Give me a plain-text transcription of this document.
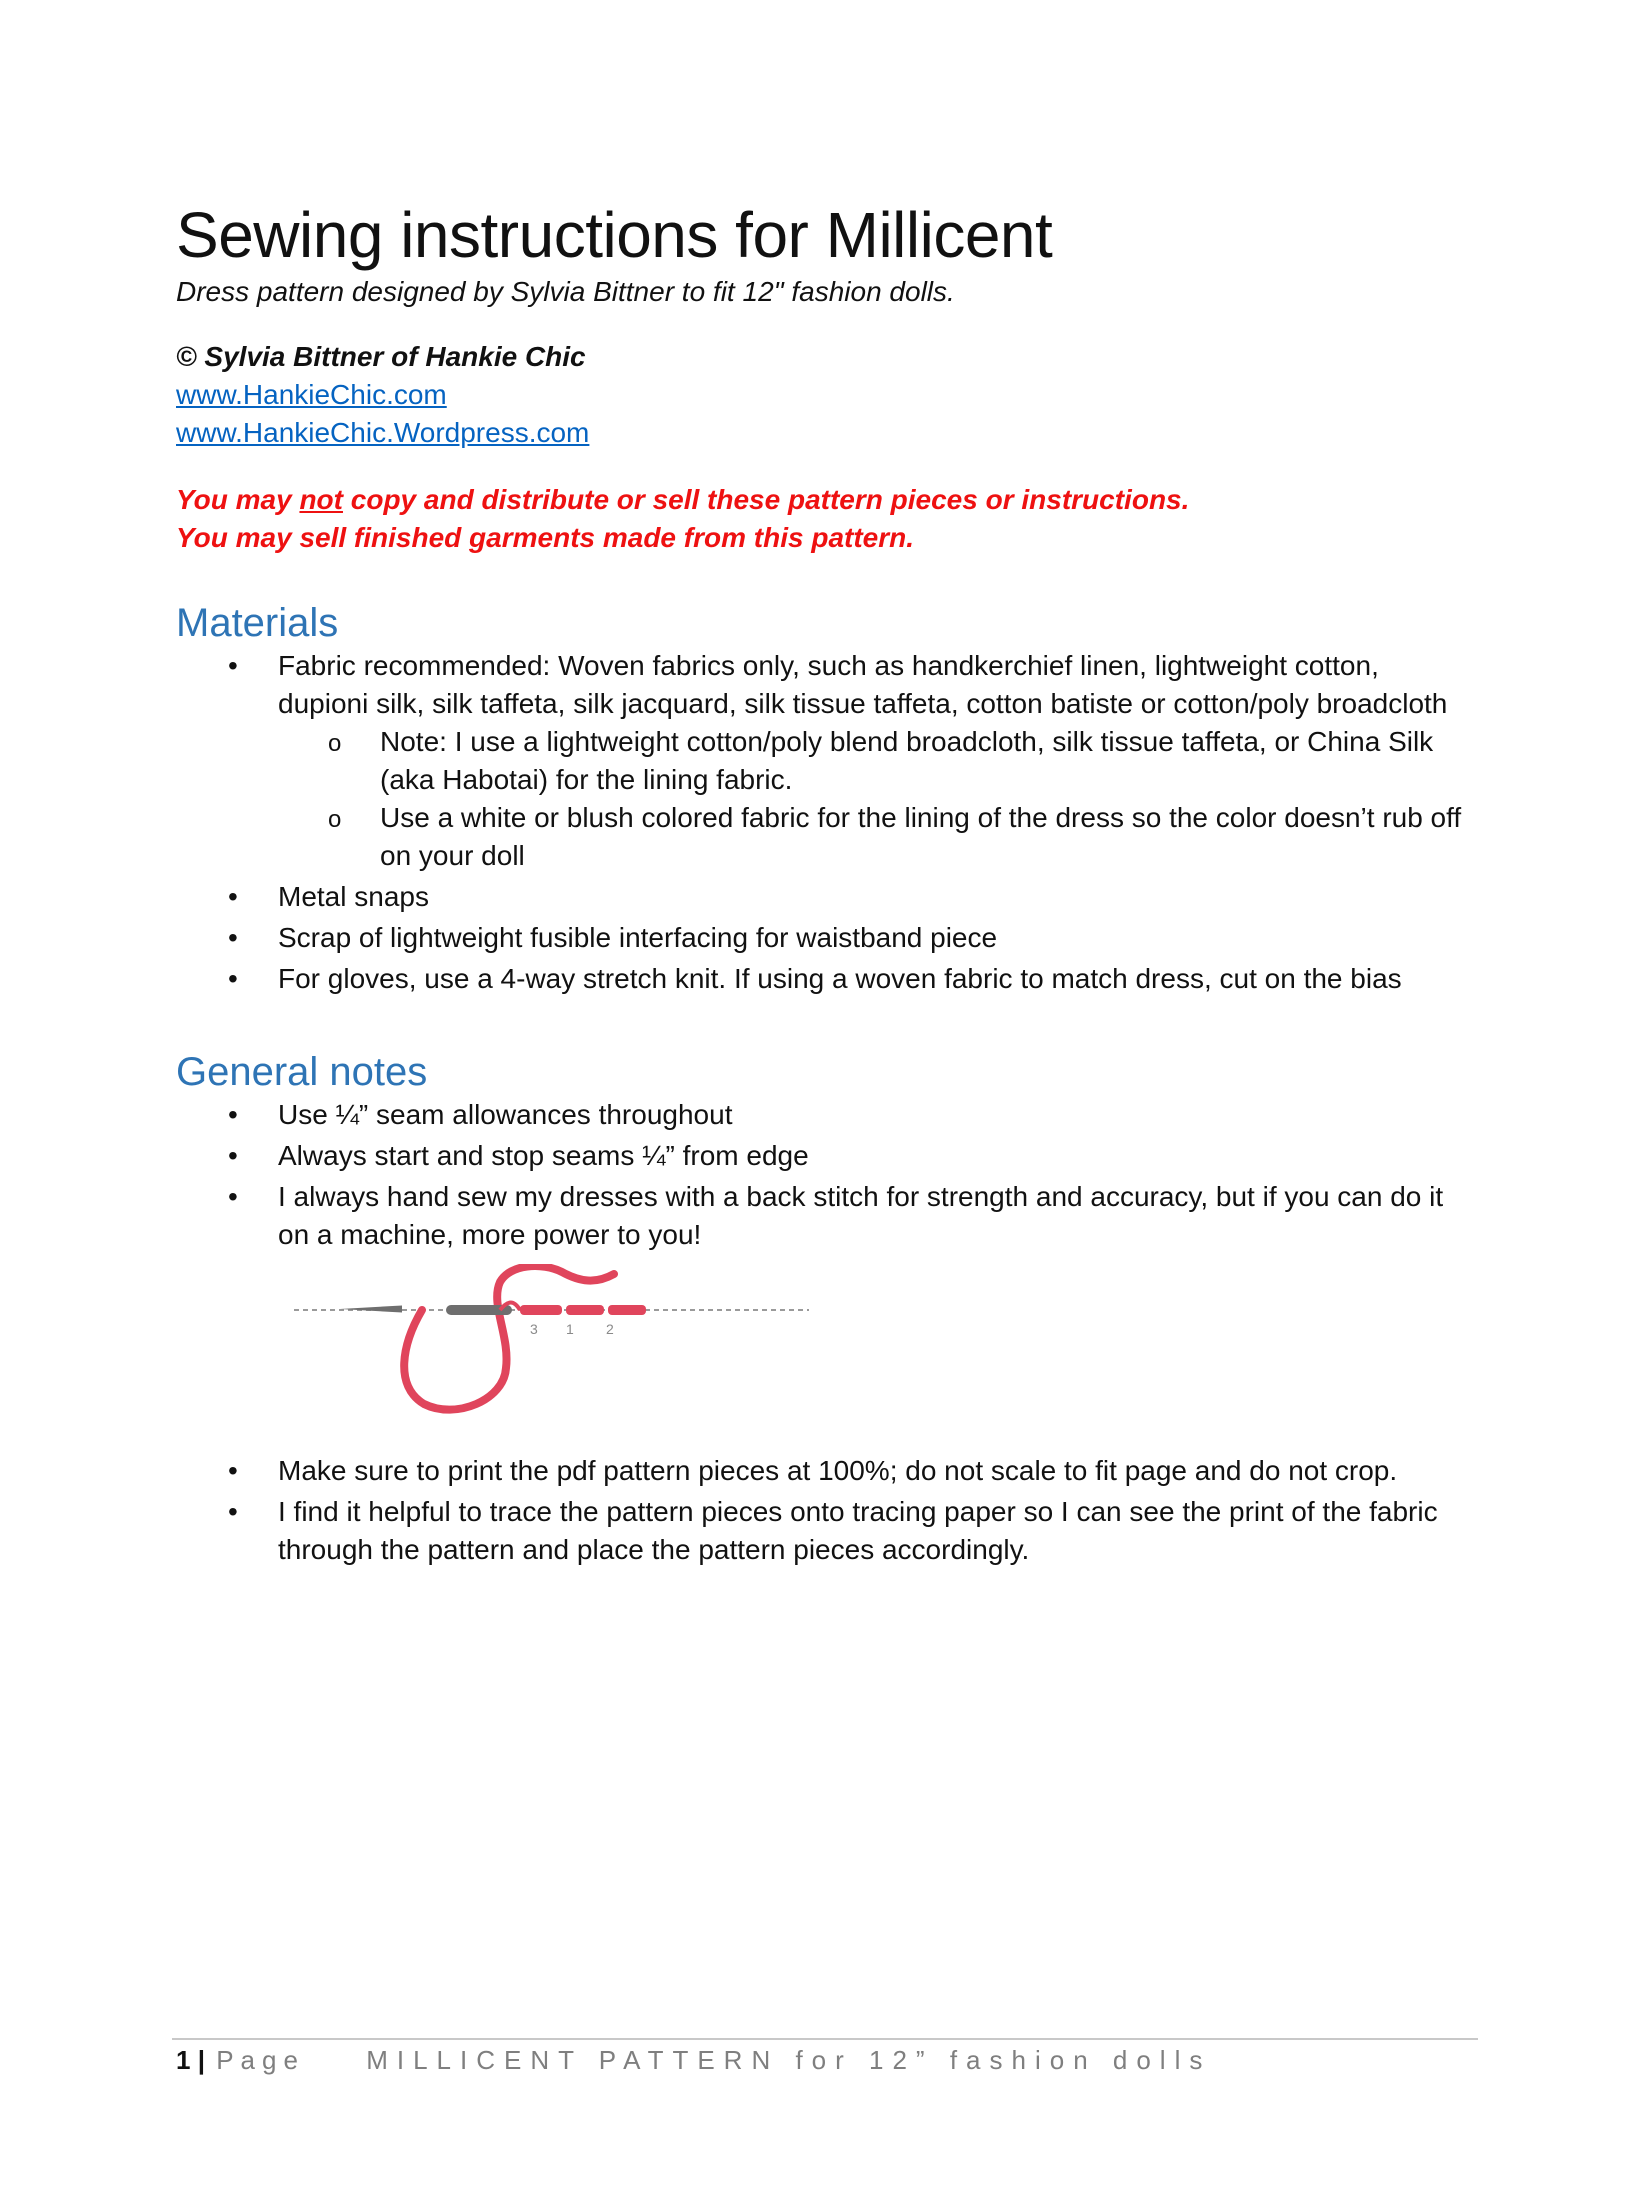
Sewing instructions for Millicent

Dress pattern designed by Sylvia Bittner to fit 12" fashion dolls.

© Sylvia Bittner of Hankie Chic

www.HankieChic.com
www.HankieChic.Wordpress.com

You may not copy and distribute or sell these pattern pieces or instructions.

You may sell finished garments made from this pattern.

Materials
• Fabric recommended: Woven fabrics only, such as handkerchief linen, lightweight cotton, dupioni silk, silk taffeta, silk jacquard, silk tissue taffeta, cotton batiste or cotton/poly broadcloth
o Note: I use a lightweight cotton/poly blend broadcloth, silk tissue taffeta, or China Silk (aka Habotai) for the lining fabric.
o Use a white or blush colored fabric for the lining of the dress so the color doesn’t rub off on your doll
• Metal snaps
• Scrap of lightweight fusible interfacing for waistband piece
• For gloves, use a 4-way stretch knit. If using a woven fabric to match dress, cut on the bias
General notes
• Use ¼” seam allowances throughout
• Always start and stop seams ¼” from edge
• I always hand sew my dresses with a back stitch for strength and accuracy, but if you can do it on a machine, more power to you!
3 1 2
• Make sure to print the pdf pattern pieces at 100%; do not scale to fit page and do not crop.
• I find it helpful to trace the pattern pieces onto tracing paper so I can see the print of the fabric through the pattern and place the pattern pieces accordingly.
1 | Page MILLICENT PATTERN for 12” fashion dolls
